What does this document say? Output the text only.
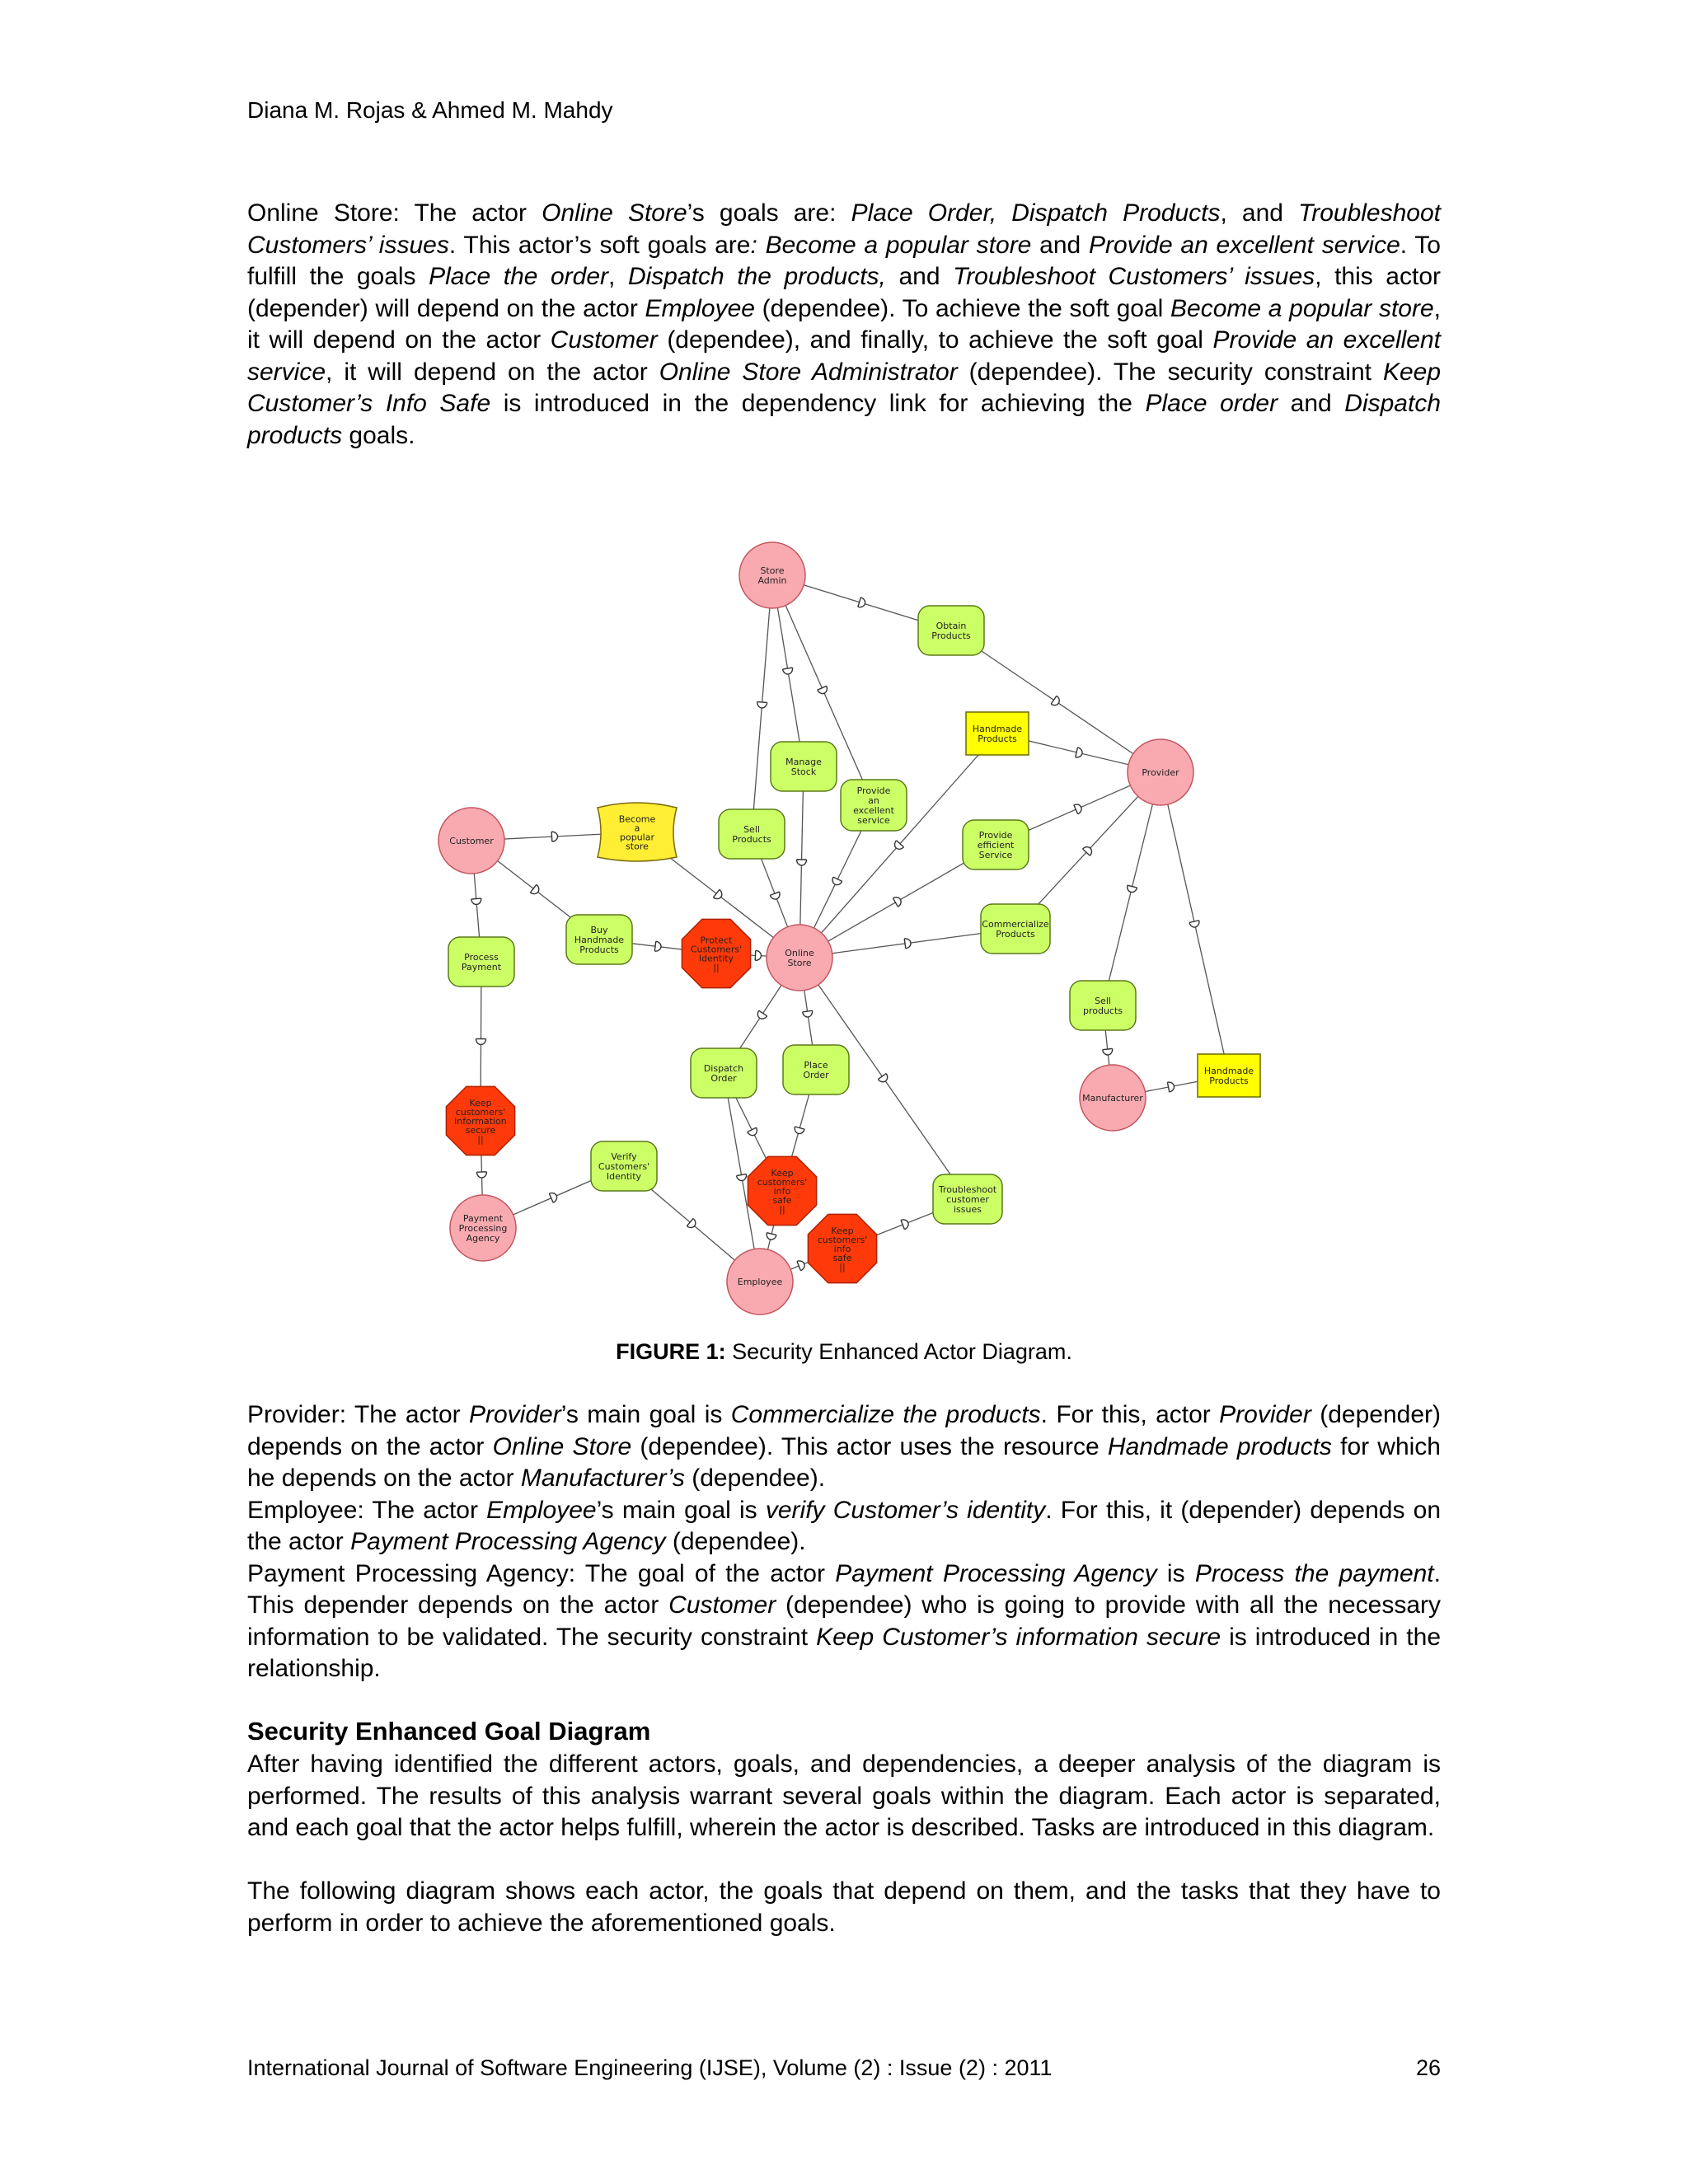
Diana M. Rojas & Ahmed M. Mahdy
Online Store: The actor Online Store’s goals are: Place Order, Dispatch Products, and Troubleshoot Customers’ issues. This actor’s soft goals are: Become a popular store and Provide an excellent service. To fulfill the goals Place the order, Dispatch the products, and Troubleshoot Customers’ issues, this actor (depender) will depend on the actor Employee (dependee). To achieve the soft goal Become a popular store, it will depend on the actor Customer (dependee), and finally, to achieve the soft goal Provide an excellent service, it will depend on the actor Online Store Administrator (dependee). The security constraint Keep Customer’s Info Safe is introduced in the dependency link for achieving the Place order and Dispatch products goals.
Store Admin
Provider
Customer
Online Store
Manufacturer
Payment Processing Agency
Employee
Obtain Products
Manage Stock
Provide an excellent service
Sell Products	Provide efficient Service
Commercialize Products
Buy Handmade Products
Process Payment
Dispatch Order
Place Order
Sell products
Verify Customers' Identity
Troubleshoot customer issues
Become a popular store
Handmade Products
Handmade Products
Protect Customers' Identity ||
Keep customers' information secure ||
Keep customers' info safe ||
Keep customers' info safe ||
FIGURE 1: Security Enhanced Actor Diagram.
Provider: The actor Provider’s main goal is Commercialize the products. For this, actor Provider (depender) depends on the actor Online Store (dependee). This actor uses the resource Handmade products for which he depends on the actor Manufacturer’s (dependee).
Employee: The actor Employee’s main goal is verify Customer’s identity. For this, it (depender) depends on the actor Payment Processing Agency (dependee).
Payment Processing Agency: The goal of the actor Payment Processing Agency is Process the payment. This depender depends on the actor Customer (dependee) who is going to provide with all the necessary information to be validated. The security constraint Keep Customer’s information secure is introduced in the relationship.
Security Enhanced Goal Diagram
After having identified the different actors, goals, and dependencies, a deeper analysis of the diagram is performed. The results of this analysis warrant several goals within the diagram. Each actor is separated, and each goal that the actor helps fulfill, wherein the actor is described. Tasks are introduced in this diagram.
The following diagram shows each actor, the goals that depend on them, and the tasks that they have to perform in order to achieve the aforementioned goals.
International Journal of Software Engineering (IJSE), Volume (2) : Issue (2) : 2011	26
